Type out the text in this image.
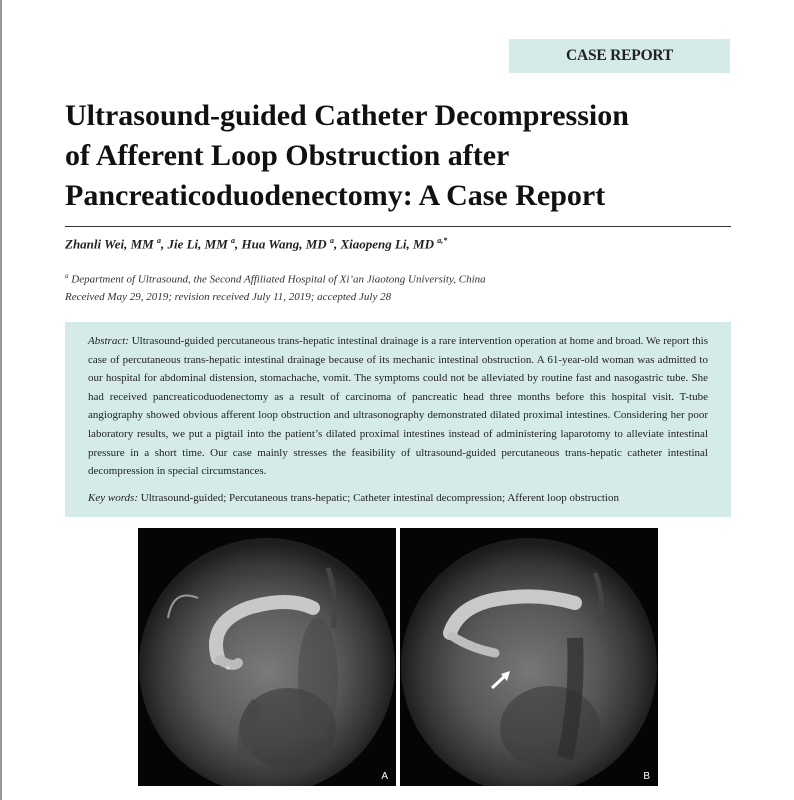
CASE REPORT
Ultrasound-guided Catheter Decompression
of Afferent Loop Obstruction after
Pancreaticoduodenectomy: A Case Report
Zhanli Wei, MM $^a$, Jie Li, MM $^a$, Hua Wang, MD $^a$, Xiaopeng Li, MD $^{a,*}$
$^a$ Department of Ultrasound, the Second Affiliated Hospital of Xi’an Jiaotong University, China
Received May 29, 2019; revision received July 11, 2019; accepted July 28

Abstract: Ultrasound-guided percutaneous trans-hepatic intestinal drainage is a rare intervention operation at home and broad. We report this case of percutaneous trans-hepatic intestinal drainage because of its mechanic intestinal obstruction. A 61-year-old woman was admitted to our hospital for abdominal distension, stomachache, vomit. The symptoms could not be alleviated by routine fast and nasogastric tube. She had received pancreaticoduodenectomy as a result of carcinoma of pancreatic head three months before this hospital visit. T-tube angiography showed obvious afferent loop obstruction and ultrasonography demonstrated dilated proximal intestines. Considering her poor laboratory results, we put a pigtail into the patient’s dilated proximal intestines instead of administering laparotomy to alleviate intestinal pressure in a short time. Our case mainly stresses the feasibility of ultrasound-guided percutaneous trans-hepatic catheter intestinal decompression in special circumstances.

Key words: Ultrasound-guided; Percutaneous trans-hepatic; Catheter intestinal decompression; Afferent loop obstruction

A	B
